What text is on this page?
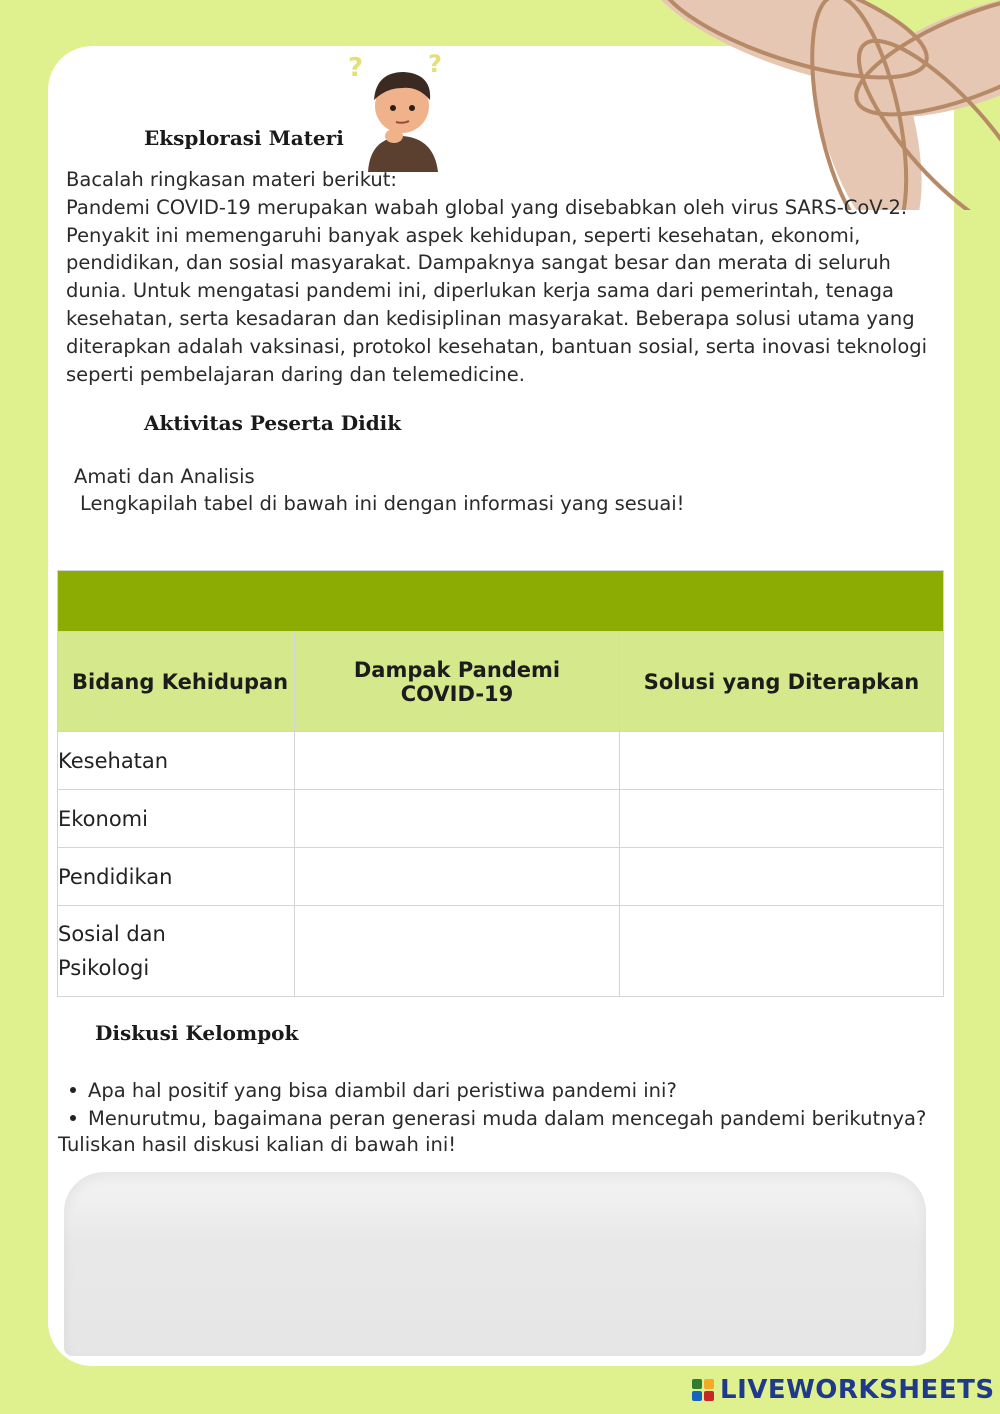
?	?
Eksplorasi Materi
Bacalah ringkasan materi berikut:
Pandemi COVID-19 merupakan wabah global yang disebabkan oleh virus SARS-CoV-2.
Penyakit ini memengaruhi banyak aspek kehidupan, seperti kesehatan, ekonomi,
pendidikan, dan sosial masyarakat. Dampaknya sangat besar dan merata di seluruh
dunia. Untuk mengatasi pandemi ini, diperlukan kerja sama dari pemerintah, tenaga
kesehatan, serta kesadaran dan kedisiplinan masyarakat. Beberapa solusi utama yang
diterapkan adalah vaksinasi, protokol kesehatan, bantuan sosial, serta inovasi teknologi
seperti pembelajaran daring dan telemedicine.
Aktivitas Peserta Didik
Amati dan Analisis
Lengkapilah tabel di bawah ini dengan informasi yang sesuai!

Bidang Kehidupan	Dampak Pandemi COVID-19	Solusi yang Diterapkan
Kesehatan		
Ekonomi		
Pendidikan		
Sosial dan Psikologi		
Diskusi Kelompok
Apa hal positif yang bisa diambil dari peristiwa pandemi ini?
Menurutmu, bagaimana peran generasi muda dalam mencegah pandemi berikutnya?
Tuliskan hasil diskusi kalian di bawah ini!
LIVEWORKSHEETS
